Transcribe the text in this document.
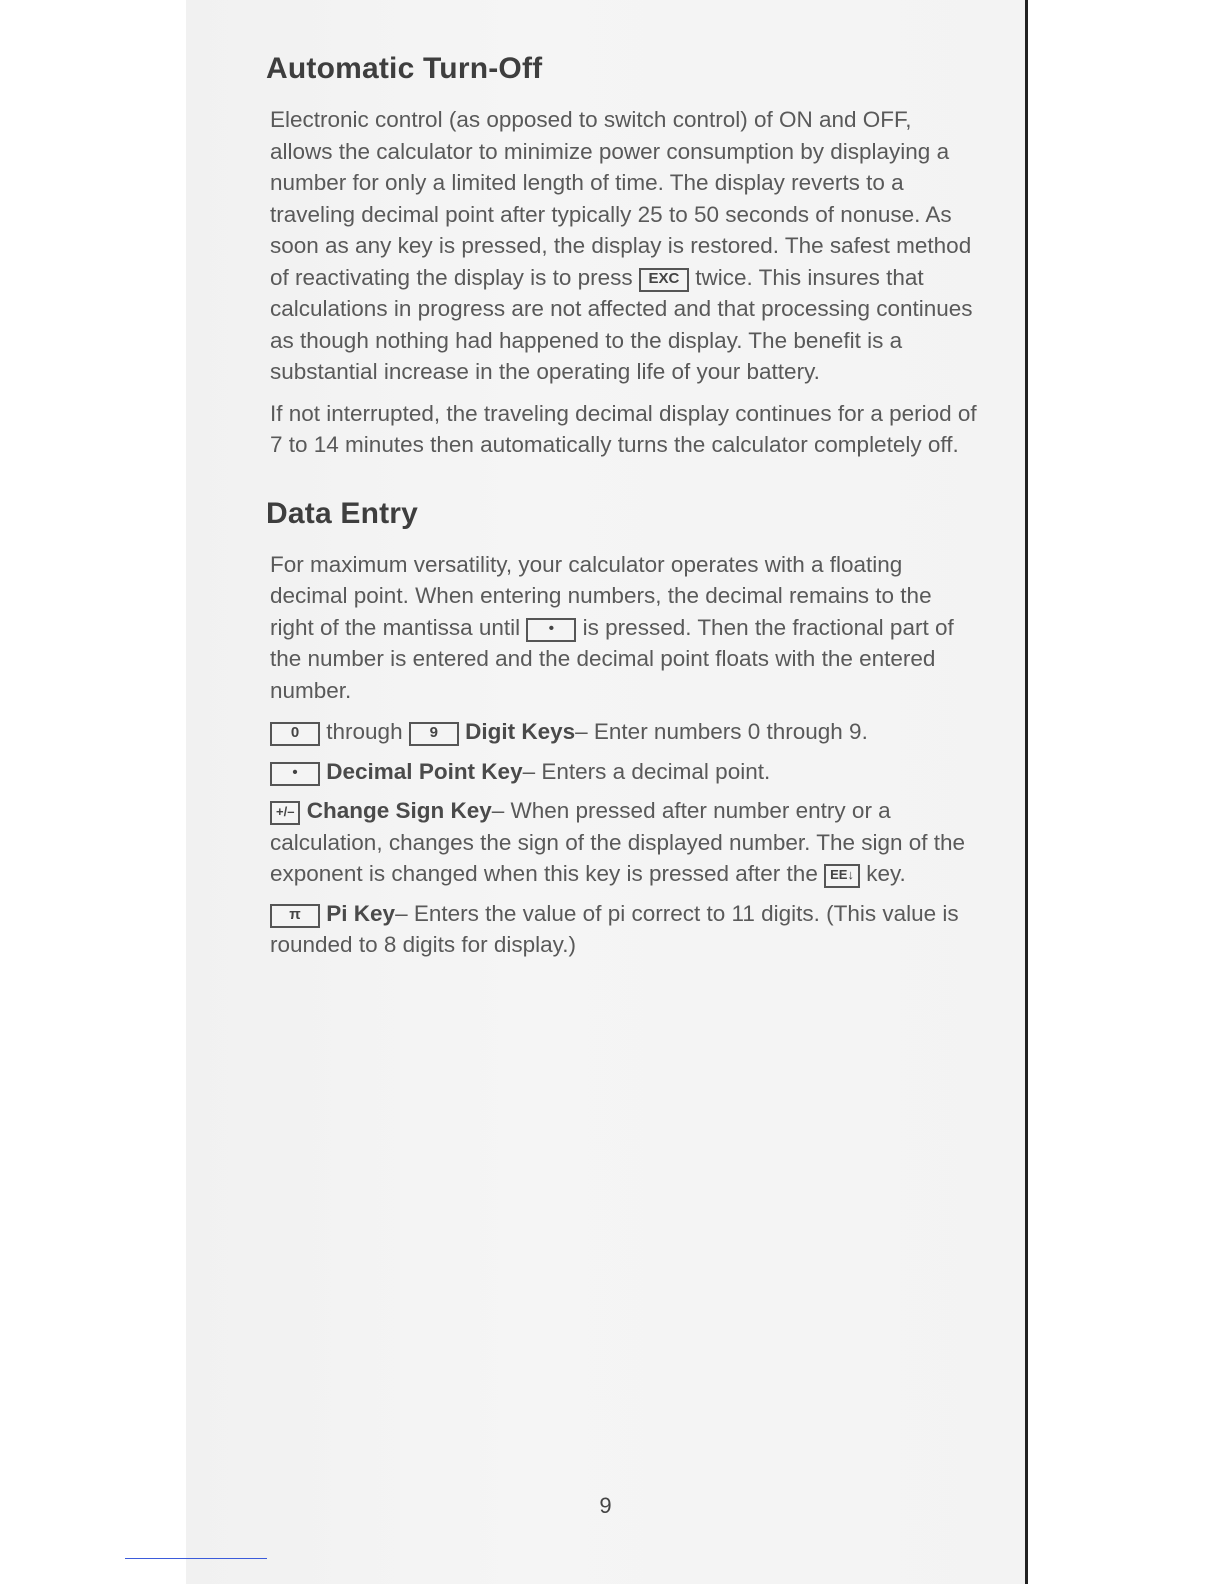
Automatic Turn-Off

Electronic control (as opposed to switch control) of ON and OFF, allows the calculator to minimize power consumption by displaying a number for only a limited length of time. The display reverts to a traveling decimal point after typically 25 to 50 seconds of nonuse. As soon as any key is pressed, the display is restored. The safest method of reactivating the display is to press EXC twice. This insures that calculations in progress are not affected and that processing continues as though nothing had happened to the display. The benefit is a substantial increase in the operating life of your battery.

If not interrupted, the traveling decimal display continues for a period of 7 to 14 minutes then automatically turns the calculator completely off.

Data Entry

For maximum versatility, your calculator operates with a floating decimal point. When entering numbers, the decimal remains to the right of the mantissa until • is pressed. Then the fractional part of the number is entered and the decimal point floats with the entered number.

0 through 9 Digit Keys– Enter numbers 0 through 9.

• Decimal Point Key– Enters a decimal point.

+/– Change Sign Key– When pressed after number entry or a calculation, changes the sign of the displayed number. The sign of the exponent is changed when this key is pressed after the EE↓ key.

π Pi Key– Enters the value of pi correct to 11 digits. (This value is rounded to 8 digits for display.)

9
